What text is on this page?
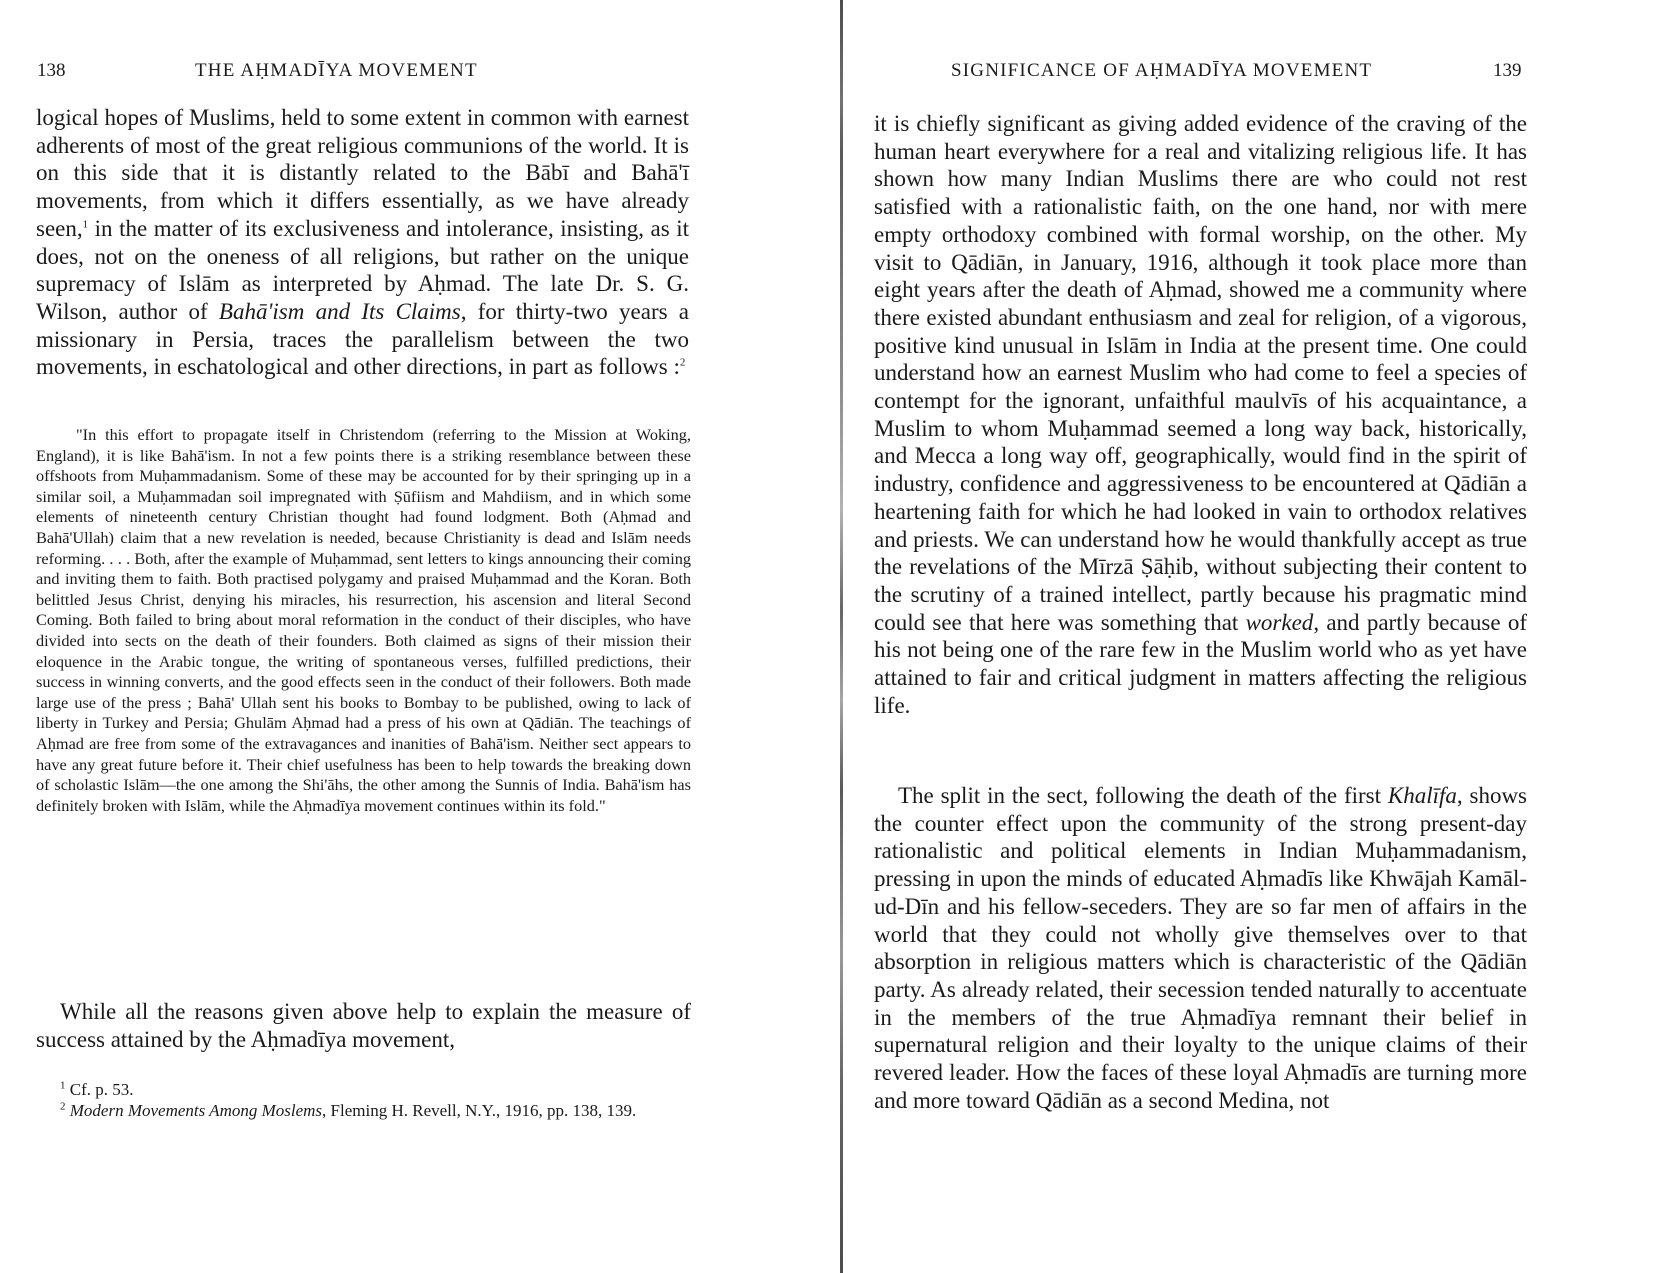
138	THE AḤMADĪYA MOVEMENT

logical hopes of Muslims, held to some extent in common with earnest adherents of most of the great religious communions of the world. It is on this side that it is distantly related to the Bābī and Bahā'ī movements, from which it differs essentially, as we have already seen,$^1$ in the matter of its exclusiveness and intolerance, insisting, as it does, not on the oneness of all religions, but rather on the unique supremacy of Islām as interpreted by Aḥmad. The late Dr. S. G. Wilson, author of Bahā'ism and Its Claims, for thirty-two years a missionary in Persia, traces the parallelism between the two movements, in eschatological and other directions, in part as follows :$^2$

"In this effort to propagate itself in Christendom (referring to the Mission at Woking, England), it is like Bahā'ism. In not a few points there is a striking resemblance between these offshoots from Muḥammadanism. Some of these may be accounted for by their springing up in a similar soil, a Muḥammadan soil impregnated with Ṣūfiism and Mahdiism, and in which some elements of nineteenth century Christian thought had found lodgment. Both (Aḥmad and Bahā'Ullah) claim that a new revelation is needed, because Christianity is dead and Islām needs reforming. . . . Both, after the example of Muḥammad, sent letters to kings announcing their coming and inviting them to faith. Both practised polygamy and praised Muḥammad and the Koran. Both belittled Jesus Christ, denying his miracles, his resurrection, his ascension and literal Second Coming. Both failed to bring about moral reformation in the conduct of their disciples, who have divided into sects on the death of their founders. Both claimed as signs of their mission their eloquence in the Arabic tongue, the writing of spontaneous verses, fulfilled predictions, their success in winning converts, and the good effects seen in the conduct of their followers. Both made large use of the press ; Bahā' Ullah sent his books to Bombay to be published, owing to lack of liberty in Turkey and Persia; Ghulām Aḥmad had a press of his own at Qādiān. The teachings of Aḥmad are free from some of the extravagances and inanities of Bahā'ism. Neither sect appears to have any great future before it. Their chief usefulness has been to help towards the breaking down of scholastic Islām—the one among the Shi'āhs, the other among the Sunnis of India. Bahā'ism has definitely broken with Islām, while the Aḥmadīya movement continues within its fold."

While all the reasons given above help to explain the measure of success attained by the Aḥmadīya movement,

$^1$ Cf. p. 53.
$^2$ Modern Movements Among Moslems, Fleming H. Revell, N.Y., 1916, pp. 138, 139.
SIGNIFICANCE OF AḤMADĪYA MOVEMENT	139

it is chiefly significant as giving added evidence of the craving of the human heart everywhere for a real and vitalizing religious life. It has shown how many Indian Muslims there are who could not rest satisfied with a rationalistic faith, on the one hand, nor with mere empty orthodoxy combined with formal worship, on the other. My visit to Qādiān, in January, 1916, although it took place more than eight years after the death of Aḥmad, showed me a community where there existed abundant enthusiasm and zeal for religion, of a vigorous, positive kind unusual in Islām in India at the present time. One could understand how an earnest Muslim who had come to feel a species of contempt for the ignorant, unfaithful maulvīs of his acquaintance, a Muslim to whom Muḥammad seemed a long way back, historically, and Mecca a long way off, geographically, would find in the spirit of industry, confidence and aggressiveness to be encountered at Qādiān a heartening faith for which he had looked in vain to orthodox relatives and priests. We can understand how he would thankfully accept as true the revelations of the Mīrzā Ṣāḥib, without subjecting their content to the scrutiny of a trained intellect, partly because his pragmatic mind could see that here was something that worked, and partly because of his not being one of the rare few in the Muslim world who as yet have attained to fair and critical judgment in matters affecting the religious life.

The split in the sect, following the death of the first Khalīfa, shows the counter effect upon the community of the strong present-day rationalistic and political elements in Indian Muḥammadanism, pressing in upon the minds of educated Aḥmadīs like Khwājah Kamāl-ud-Dīn and his fellow-seceders. They are so far men of affairs in the world that they could not wholly give themselves over to that absorption in religious matters which is characteristic of the Qādiān party. As already related, their secession tended naturally to accentuate in the members of the true Aḥmadīya remnant their belief in supernatural religion and their loyalty to the unique claims of their revered leader. How the faces of these loyal Aḥmadīs are turning more and more toward Qādiān as a second Medina, not
